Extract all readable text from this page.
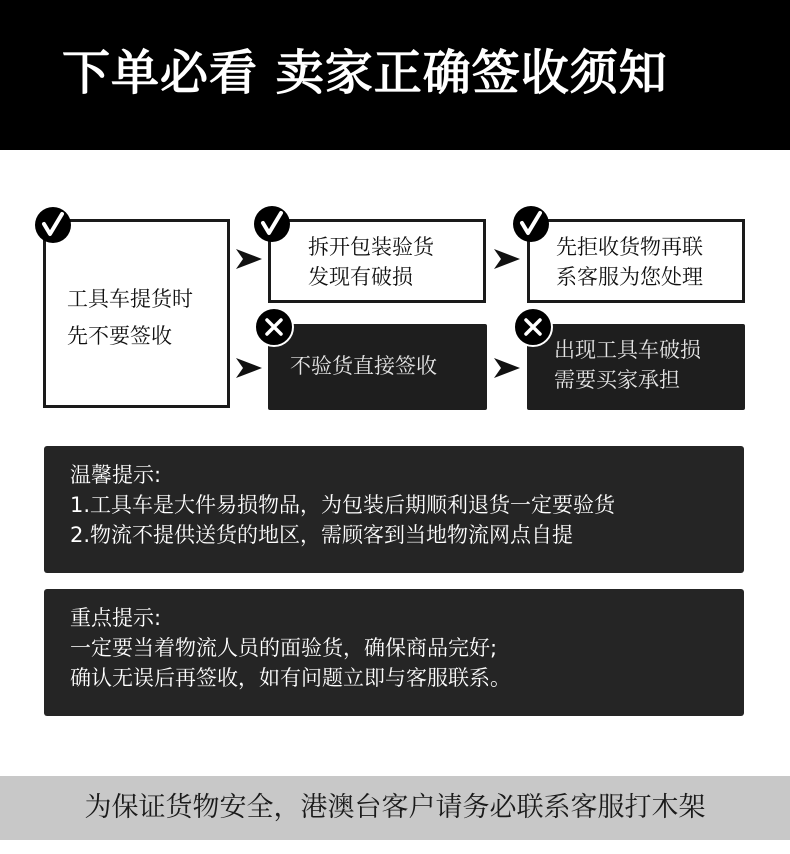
下单必看 卖家正确签收须知
工具车提货时
先不要签收
拆开包装验货
发现有破损
不验货直接签收
先拒收货物再联
系客服为您处理
出现工具车破损
需要买家承担
温馨提示:
1.工具车是大件易损物品，为包装后期顺利退货一定要验货
2.物流不提供送货的地区，需顾客到当地物流网点自提
重点提示:
一定要当着物流人员的面验货，确保商品完好;
确认无误后再签收，如有问题立即与客服联系。
为保证货物安全，港澳台客户请务必联系客服打木架
